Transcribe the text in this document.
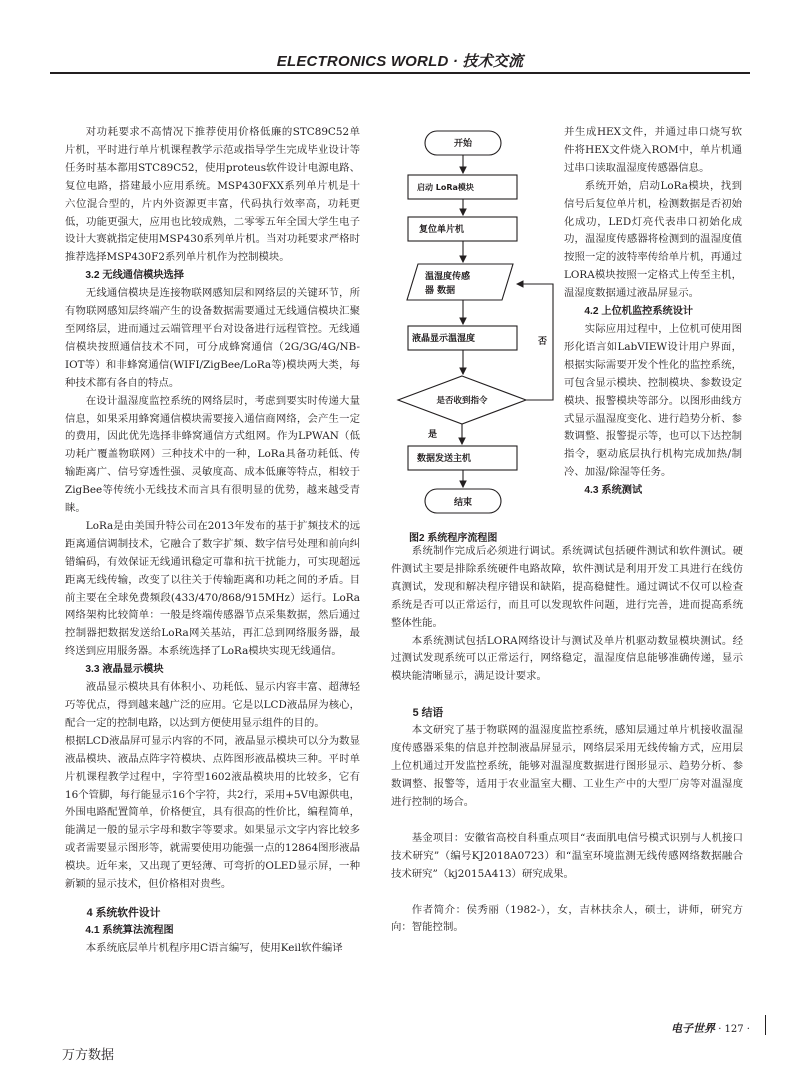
ELECTRONICS WORLD · 技术交流

对功耗要求不高情况下推荐使用价格低廉的STC89C52单片机，平时进行单片机课程教学示范或指导学生完成毕业设计等任务时基本都用STC89C52，使用proteus软件设计电源电路、复位电路，搭建最小应用系统。MSP430FXX系列单片机是十六位混合型的，片内外资源更丰富，代码执行效率高，功耗更低，功能更强大，应用也比较成熟，二零零五年全国大学生电子设计大赛就指定使用MSP430系列单片机。当对功耗要求严格时推荐选择MSP430F2系列单片机作为控制模块。

3.2 无线通信模块选择

无线通信模块是连接物联网感知层和网络层的关键环节，所有物联网感知层终端产生的设备数据需要通过无线通信模块汇聚至网络层，进而通过云端管理平台对设备进行远程管控。无线通信模块按照通信技术不同，可分成蜂窝通信（2G/3G/4G/NB-IOT等）和非蜂窝通信(WIFI/ZigBee/LoRa等)模块两大类，每种技术都有各自的特点。

在设计温湿度监控系统的网络层时，考虑到要实时传递大量信息，如果采用蜂窝通信模块需要接入通信商网络，会产生一定的费用，因此优先选择非蜂窝通信方式组网。作为LPWAN（低功耗广覆盖物联网）三种技术中的一种，LoRa具备功耗低、传输距离广、信号穿透性强、灵敏度高、成本低廉等特点，相较于ZigBee等传统小无线技术而言具有很明显的优势，越来越受青睐。

LoRa是由美国升特公司在2013年发布的基于扩频技术的远距离通信调制技术，它融合了数字扩频、数字信号处理和前向纠错编码，有效保证无线通讯稳定可靠和抗干扰能力，可实现超远距离无线传输，改变了以往关于传输距离和功耗之间的矛盾。目前主要在全球免费频段(433/470/868/915MHz）运行。LoRa网络架构比较简单：一般是终端传感器节点采集数据，然后通过控制器把数据发送给LoRa网关基站，再汇总到网络服务器，最终送到应用服务器。本系统选择了LoRa模块实现无线通信。

3.3 液晶显示模块

液晶显示模块具有体积小、功耗低、显示内容丰富、超薄轻巧等优点，得到越来越广泛的应用。它是以LCD液晶屏为核心，配合一定的控制电路，以达到方便使用显示组件的目的。

根据LCD液晶屏可显示内容的不同，液晶显示模块可以分为数显液晶模块、液晶点阵字符模块、点阵图形液晶模块三种。平时单片机课程教学过程中，字符型1602液晶模块用的比较多，它有16个管脚，每行能显示16个字符，共2行，采用+5V电源供电，外围电路配置简单，价格便宜，具有很高的性价比，编程简单，能满足一般的显示字母和数字等要求。如果显示文字内容比较多或者需要显示图形等，就需要使用功能强一点的12864图形液晶模块。近年来，又出现了更轻薄、可弯折的OLED显示屏，一种新颖的显示技术，但价格相对贵些。

4 系统软件设计

4.1 系统算法流程图

本系统底层单片机程序用C语言编写，使用Keil软件编译

开始
启动 LoRa模块
复位单片机
温湿度传感
器 数据
液晶显示温湿度
是否收到指令
数据发送主机
结束
是
否
图2 系统程序流程图

并生成HEX文件，并通过串口烧写软件将HEX文件烧入ROM中，单片机通过串口读取温湿度传感器信息。

系统开始，启动LoRa模块，找到信号后复位单片机，检测数据是否初始化成功，LED灯亮代表串口初始化成功，温湿度传感器将检测到的温湿度值按照一定的波特率传给单片机，再通过LORA模块按照一定格式上传至主机，温湿度数据通过液晶屏显示。

4.2 上位机监控系统设计

实际应用过程中，上位机可使用图形化语言如LabVIEW设计用户界面，根据实际需要开发个性化的监控系统，可包含显示模块、控制模块、参数设定模块、报警模块等部分。以图形曲线方式显示温湿度变化、进行趋势分析、参数调整、报警提示等，也可以下达控制指令，驱动底层执行机构完成加热/制冷、加湿/除湿等任务。

4.3 系统测试

系统制作完成后必须进行调试。系统调试包括硬件测试和软件测试。硬件测试主要是排除系统硬件电路故障，软件测试是利用开发工具进行在线仿真测试，发现和解决程序错误和缺陷，提高稳健性。通过调试不仅可以检查系统是否可以正常运行，而且可以发现软件问题，进行完善，进而提高系统整体性能。

本系统测试包括LORA网络设计与测试及单片机驱动数显模块测试。经过测试发现系统可以正常运行，网络稳定，温湿度信息能够准确传递，显示模块能清晰显示，满足设计要求。

5 结语

本文研究了基于物联网的温湿度监控系统，感知层通过单片机接收温湿度传感器采集的信息并控制液晶屏显示，网络层采用无线传输方式，应用层上位机通过开发监控系统，能够对温湿度数据进行图形显示、趋势分析、参数调整、报警等，适用于农业温室大棚、工业生产中的大型厂房等对温湿度进行控制的场合。

基金项目：安徽省高校自科重点项目“表面肌电信号模式识别与人机接口技术研究”（编号KJ2018A0723）和“温室环境监测无线传感网络数据融合技术研究”（kj2015A413）研究成果。

作者简介：侯秀丽（1982-），女，吉林扶余人，硕士，讲师，研究方向：智能控制。

电子世界 · 127 ·
万方数据
